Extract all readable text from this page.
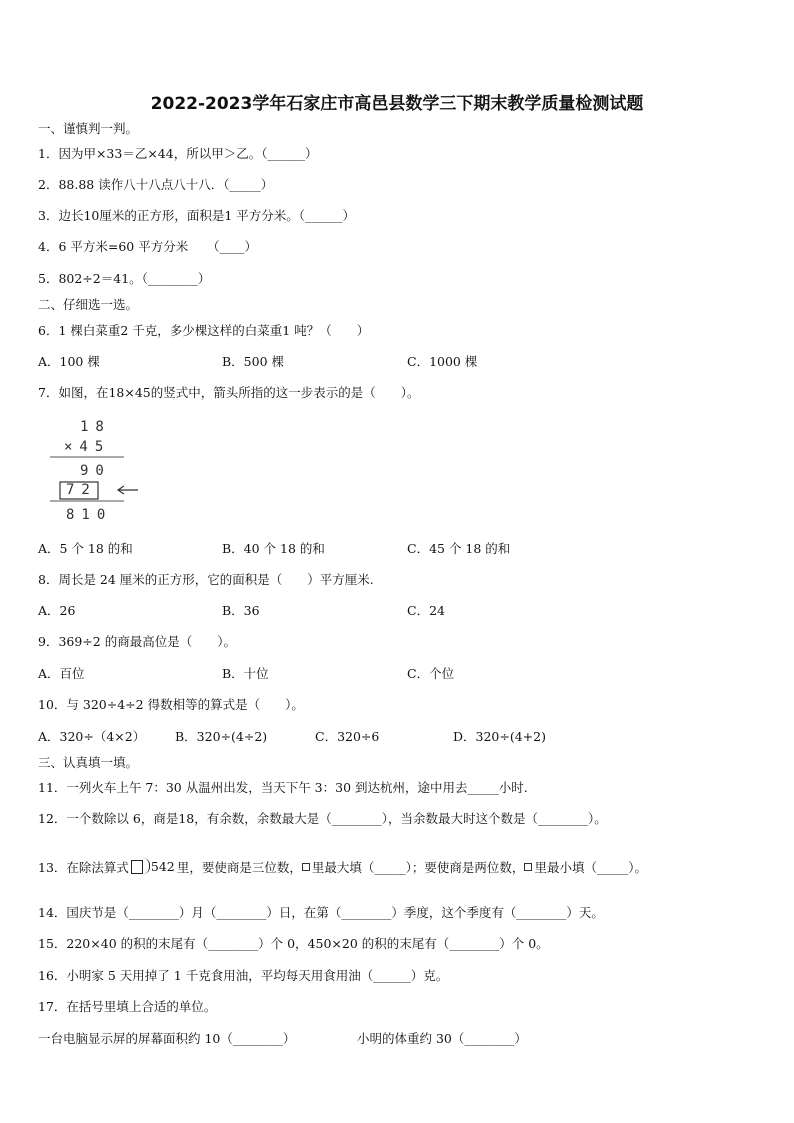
2022-2023学年石家庄市高邑县数学三下期末教学质量检测试题
一、谨慎判一判。
1．因为甲×33＝乙×44，所以甲＞乙。（______）
2．88.88 读作八十八点八十八．（_____）
3．边长10厘米的正方形，面积是1 平方分米。（______）
4．6 平方米=60 平方分米　　（____）
5．802÷2＝41。（________）
二、仔细选一选。
6．1 棵白菜重2 千克，多少棵这样的白菜重1 吨？（　　）
A．100 棵	B．500 棵	C．1000 棵
7．如图，在18×45的竖式中，箭头所指的这一步表示的是（　　）。
18
×45
90
72
810
A．5 个 18 的和	B．40 个 18 的和	C．45 个 18 的和
8．周长是 24 厘米的正方形，它的面积是（　　）平方厘米.
A．26	B．36	C．24
9．369÷2 的商最高位是（　　）。
A．百位	B．十位	C．个位
10．与 320÷4÷2 得数相等的算式是（　　）。
A．320÷（4×2） B．320÷(4÷2)	C．320÷6	D．320÷(4+2)
三、认真填一填。
11．一列火车上午 7：30 从温州出发，当天下午 3：30 到达杭州，途中用去_____小时.
12．一个数除以 6，商是18，有余数，余数最大是（________），当余数最大时这个数是（________）。
13．在除法算式 542 里，要使商是三位数， 里最大填（_____）；要使商是两位数， 里最小填（_____）。
14．国庆节是（________）月（________）日，在第（________）季度，这个季度有（________）天。
15．220×40 的积的末尾有（________）个 0，450×20 的积的末尾有（________）个 0。
16．小明家 5 天用掉了 1 千克食用油，平均每天用食用油（______）克。
17．在括号里填上合适的单位。
一台电脑显示屏的屏幕面积约 10（________）	小明的体重约 30（________）
